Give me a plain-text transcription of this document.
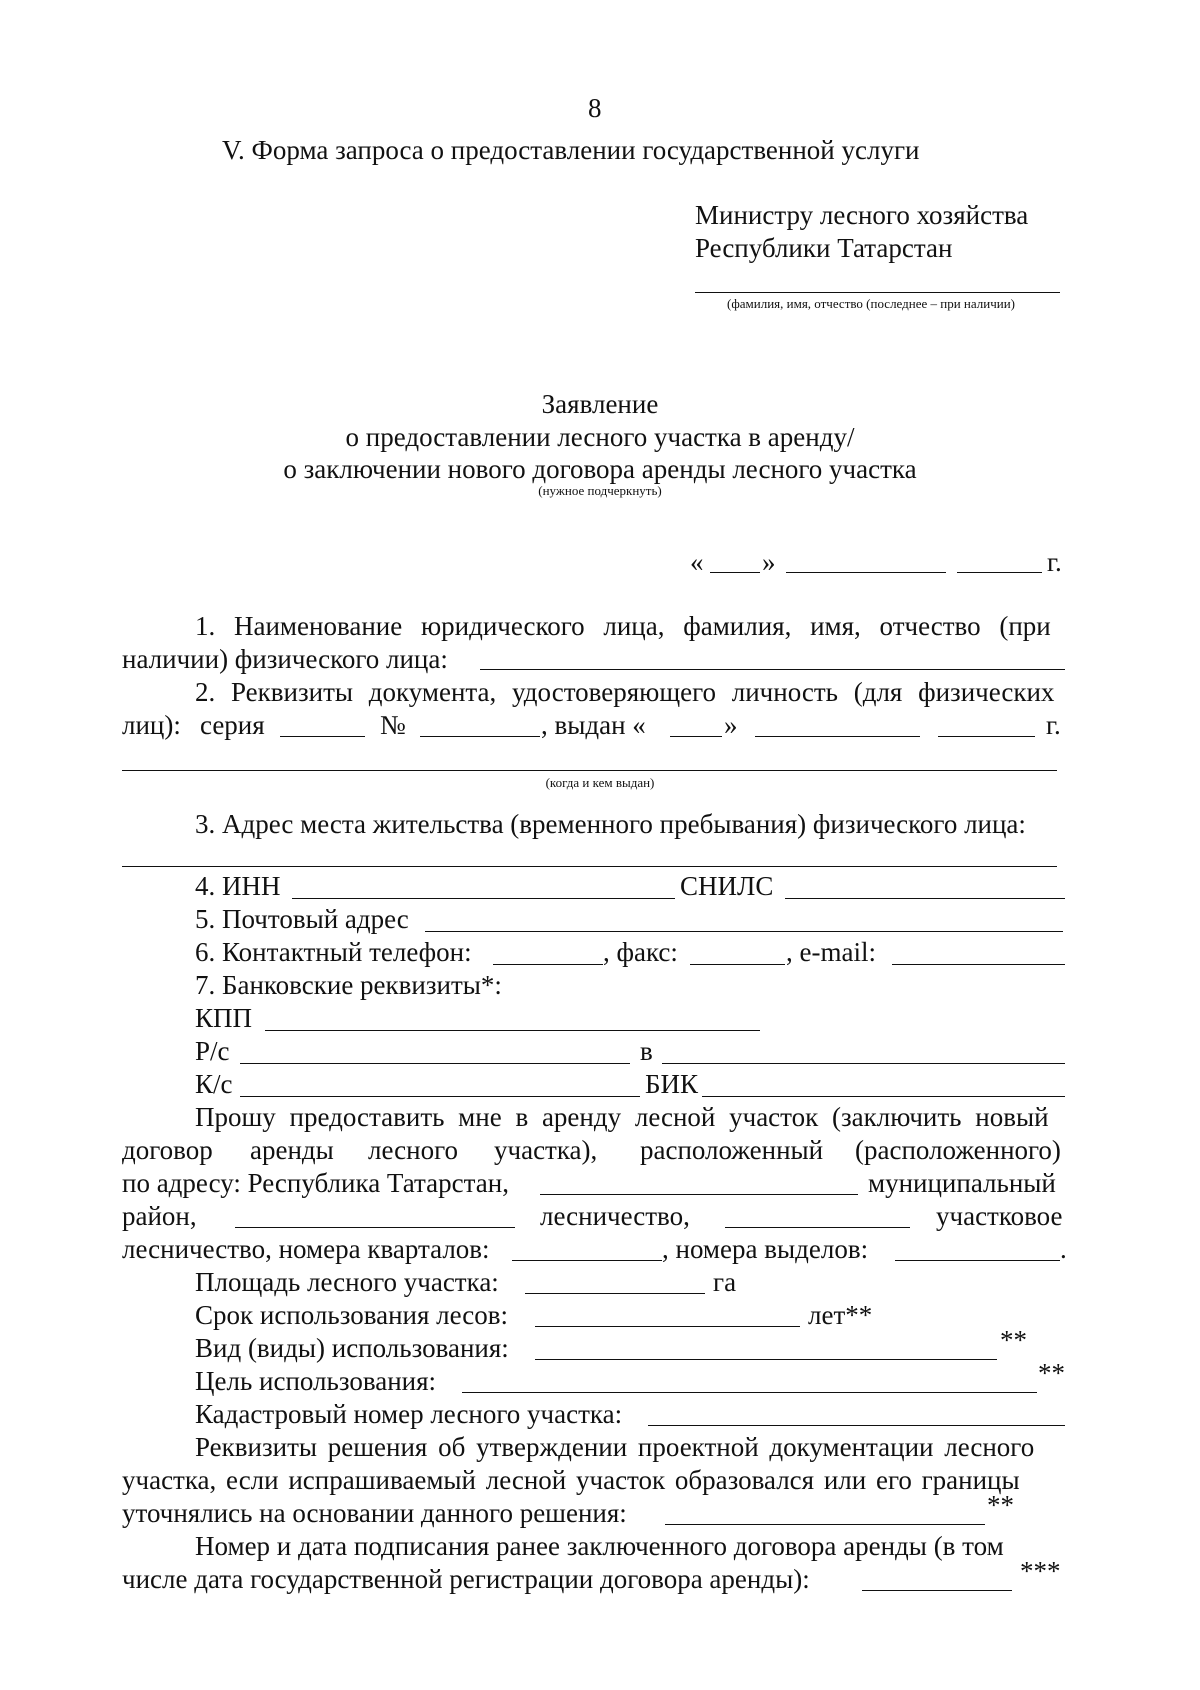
8
V. Форма запроса о предоставлении государственной услуги
Министру лесного хозяйства
Республики Татарстан
(фамилия, имя, отчество (последнее – при наличии)
Заявление
о предоставлении лесного участка в аренду/
о заключении нового договора аренды лесного участка
(нужное подчеркнуть)
« »	г.
1. Наименование юридического лица, фамилия, имя, отчество (при
наличии) физического лица:
2. Реквизиты документа, удостоверяющего личность (для физических
лиц): серия	№	, выдан «	»	г.
(когда и кем выдан)
3. Адрес места жительства (временного пребывания) физического лица:
4. ИНН	СНИЛС
5. Почтовый адрес
6. Контактный телефон:	, факс:	, e-mail:
7. Банковские реквизиты*:
КПП
Р/с	в
К/с	БИК
Прошу предоставить мне в аренду лесной участок (заключить новый
договор аренды лесного участка), расположенный (расположенного)
по адресу: Республика Татарстан,	муниципальный
район,	лесничество,	участковое
лесничество, номера кварталов:	, номера выделов:	.
Площадь лесного участка:	га
Срок использования лесов:	лет**
Вид (виды) использования:	**
Цель использования:	**
Кадастровый номер лесного участка:
Реквизиты решения об утверждении проектной документации лесного
участка, если испрашиваемый лесной участок образовался или его границы
уточнялись на основании данного решения:	**
Номер и дата подписания ранее заключенного договора аренды (в том
числе дата государственной регистрации договора аренды):	***
